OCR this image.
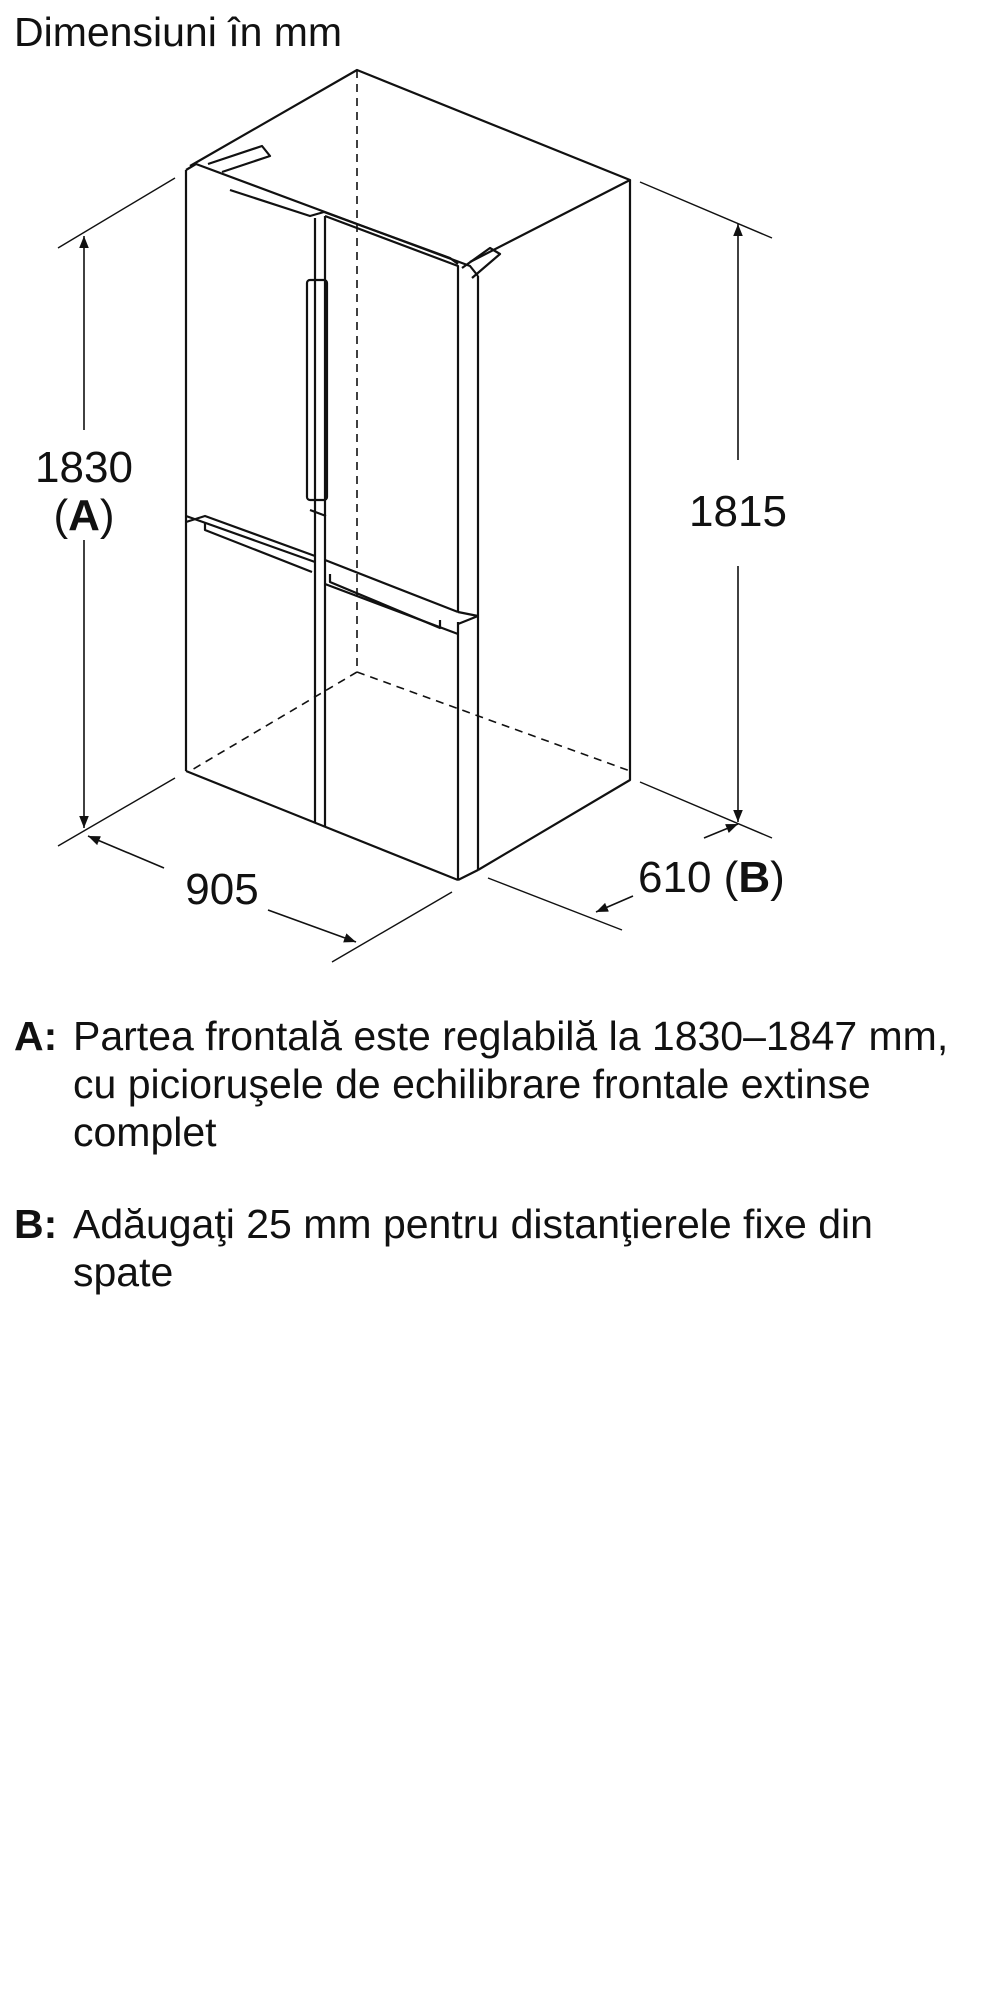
Dimensiuni în mm
1830
(A)	1815
905	610 (B)
A: Partea frontală este reglabilă la 1830–1847 mm, cu picioruşele de echilibrare frontale extinse complet
B: Adăugaţi 25 mm pentru distanţierele fixe din spate
